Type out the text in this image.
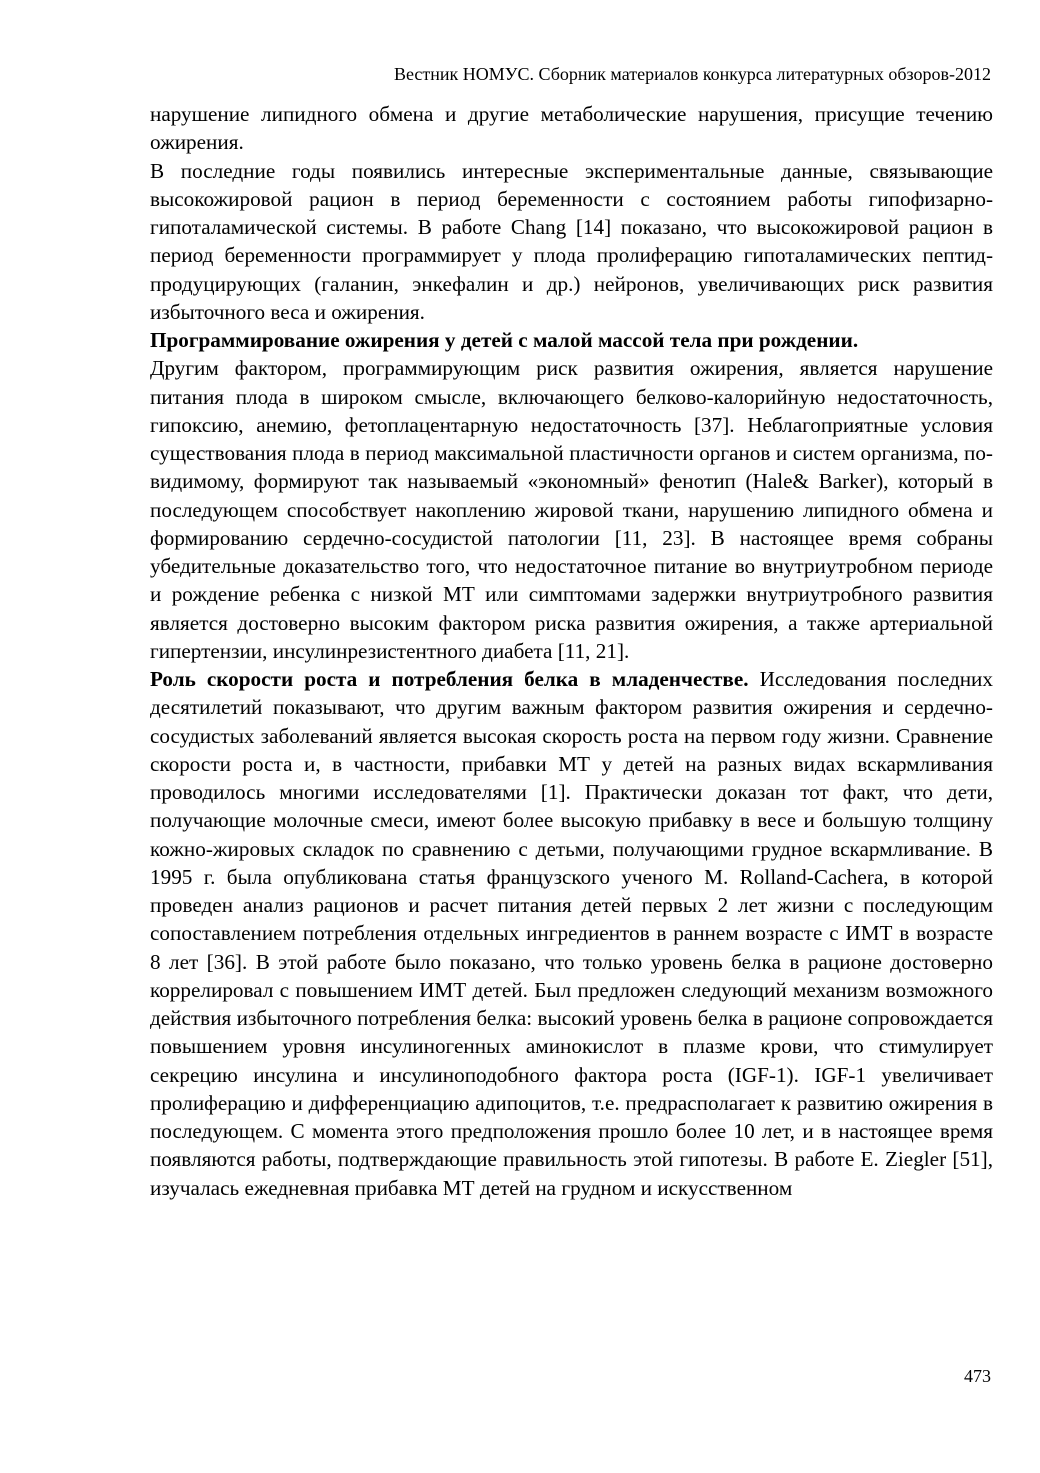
Вестник НОМУС. Сборник материалов конкурса литературных обзоров-2012

нарушение липидного обмена и другие метаболические нарушения, присущие течению ожирения.

В последние годы появились интересные экспериментальные данные, связывающие высокожировой рацион в период беременности с состоянием работы гипофизарно-гипоталамической системы. В работе Chang [14] показано, что высокожировой рацион в период беременности программирует у плода пролиферацию гипоталамических пептид-продуцирующих (галанин, энкефалин и др.) нейронов, увеличивающих риск развития избыточного веса и ожирения.

Программирование ожирения у детей с малой массой тела при рождении.
Другим фактором, программирующим риск развития ожирения, является нарушение питания плода в широком смысле, включающего белково-калорийную недостаточность, гипоксию, анемию, фетоплацентарную недостаточность [37]. Неблагоприятные условия существования плода в период максимальной пластичности органов и систем организма, по-видимому, формируют так называемый «экономный» фенотип (Hale& Barker), который в последующем способствует накоплению жировой ткани, нарушению липидного обмена и формированию сердечно-сосудистой патологии [11, 23]. В настоящее время собраны убедительные доказательство того, что недостаточное питание во внутриутробном периоде и рождение ребенка с низкой МТ или симптомами задержки внутриутробного развития является достоверно высоким фактором риска развития ожирения, а также артериальной гипертензии, инсулинрезистентного диабета [11, 21].

Роль скорости роста и потребления белка в младенчестве. Исследования последних десятилетий показывают, что другим важным фактором развития ожирения и сердечно-сосудистых заболеваний является высокая скорость роста на первом году жизни. Сравнение скорости роста и, в частности, прибавки МТ у детей на разных видах вскармливания проводилось многими исследователями [1]. Практически доказан тот факт, что дети, получающие молочные смеси, имеют более высокую прибавку в весе и большую толщину кожно-жировых складок по сравнению с детьми, получающими грудное вскармливание. В 1995 г. была опубликована статья французского ученого M. Rolland-Cachera, в которой проведен анализ рационов и расчет питания детей первых 2 лет жизни с последующим сопоставлением потребления отдельных ингредиентов в раннем возрасте с ИМТ в возрасте 8 лет [36]. В этой работе было показано, что только уровень белка в рационе достоверно коррелировал с повышением ИМТ детей. Был предложен следующий механизм возможного действия избыточного потребления белка: высокий уровень белка в рационе сопровождается повышением уровня инсулиногенных аминокислот в плазме крови, что стимулирует секрецию инсулина и инсулиноподобного фактора роста (IGF-1). IGF-1 увеличивает пролиферацию и дифференциацию адипоцитов, т.е. предрасполагает к развитию ожирения в последующем. С момента этого предположения прошло более 10 лет, и в настоящее время появляются работы, подтверждающие правильность этой гипотезы. В работе E. Ziegler [51], изучалась ежедневная прибавка МТ детей на грудном и искусственном

473
